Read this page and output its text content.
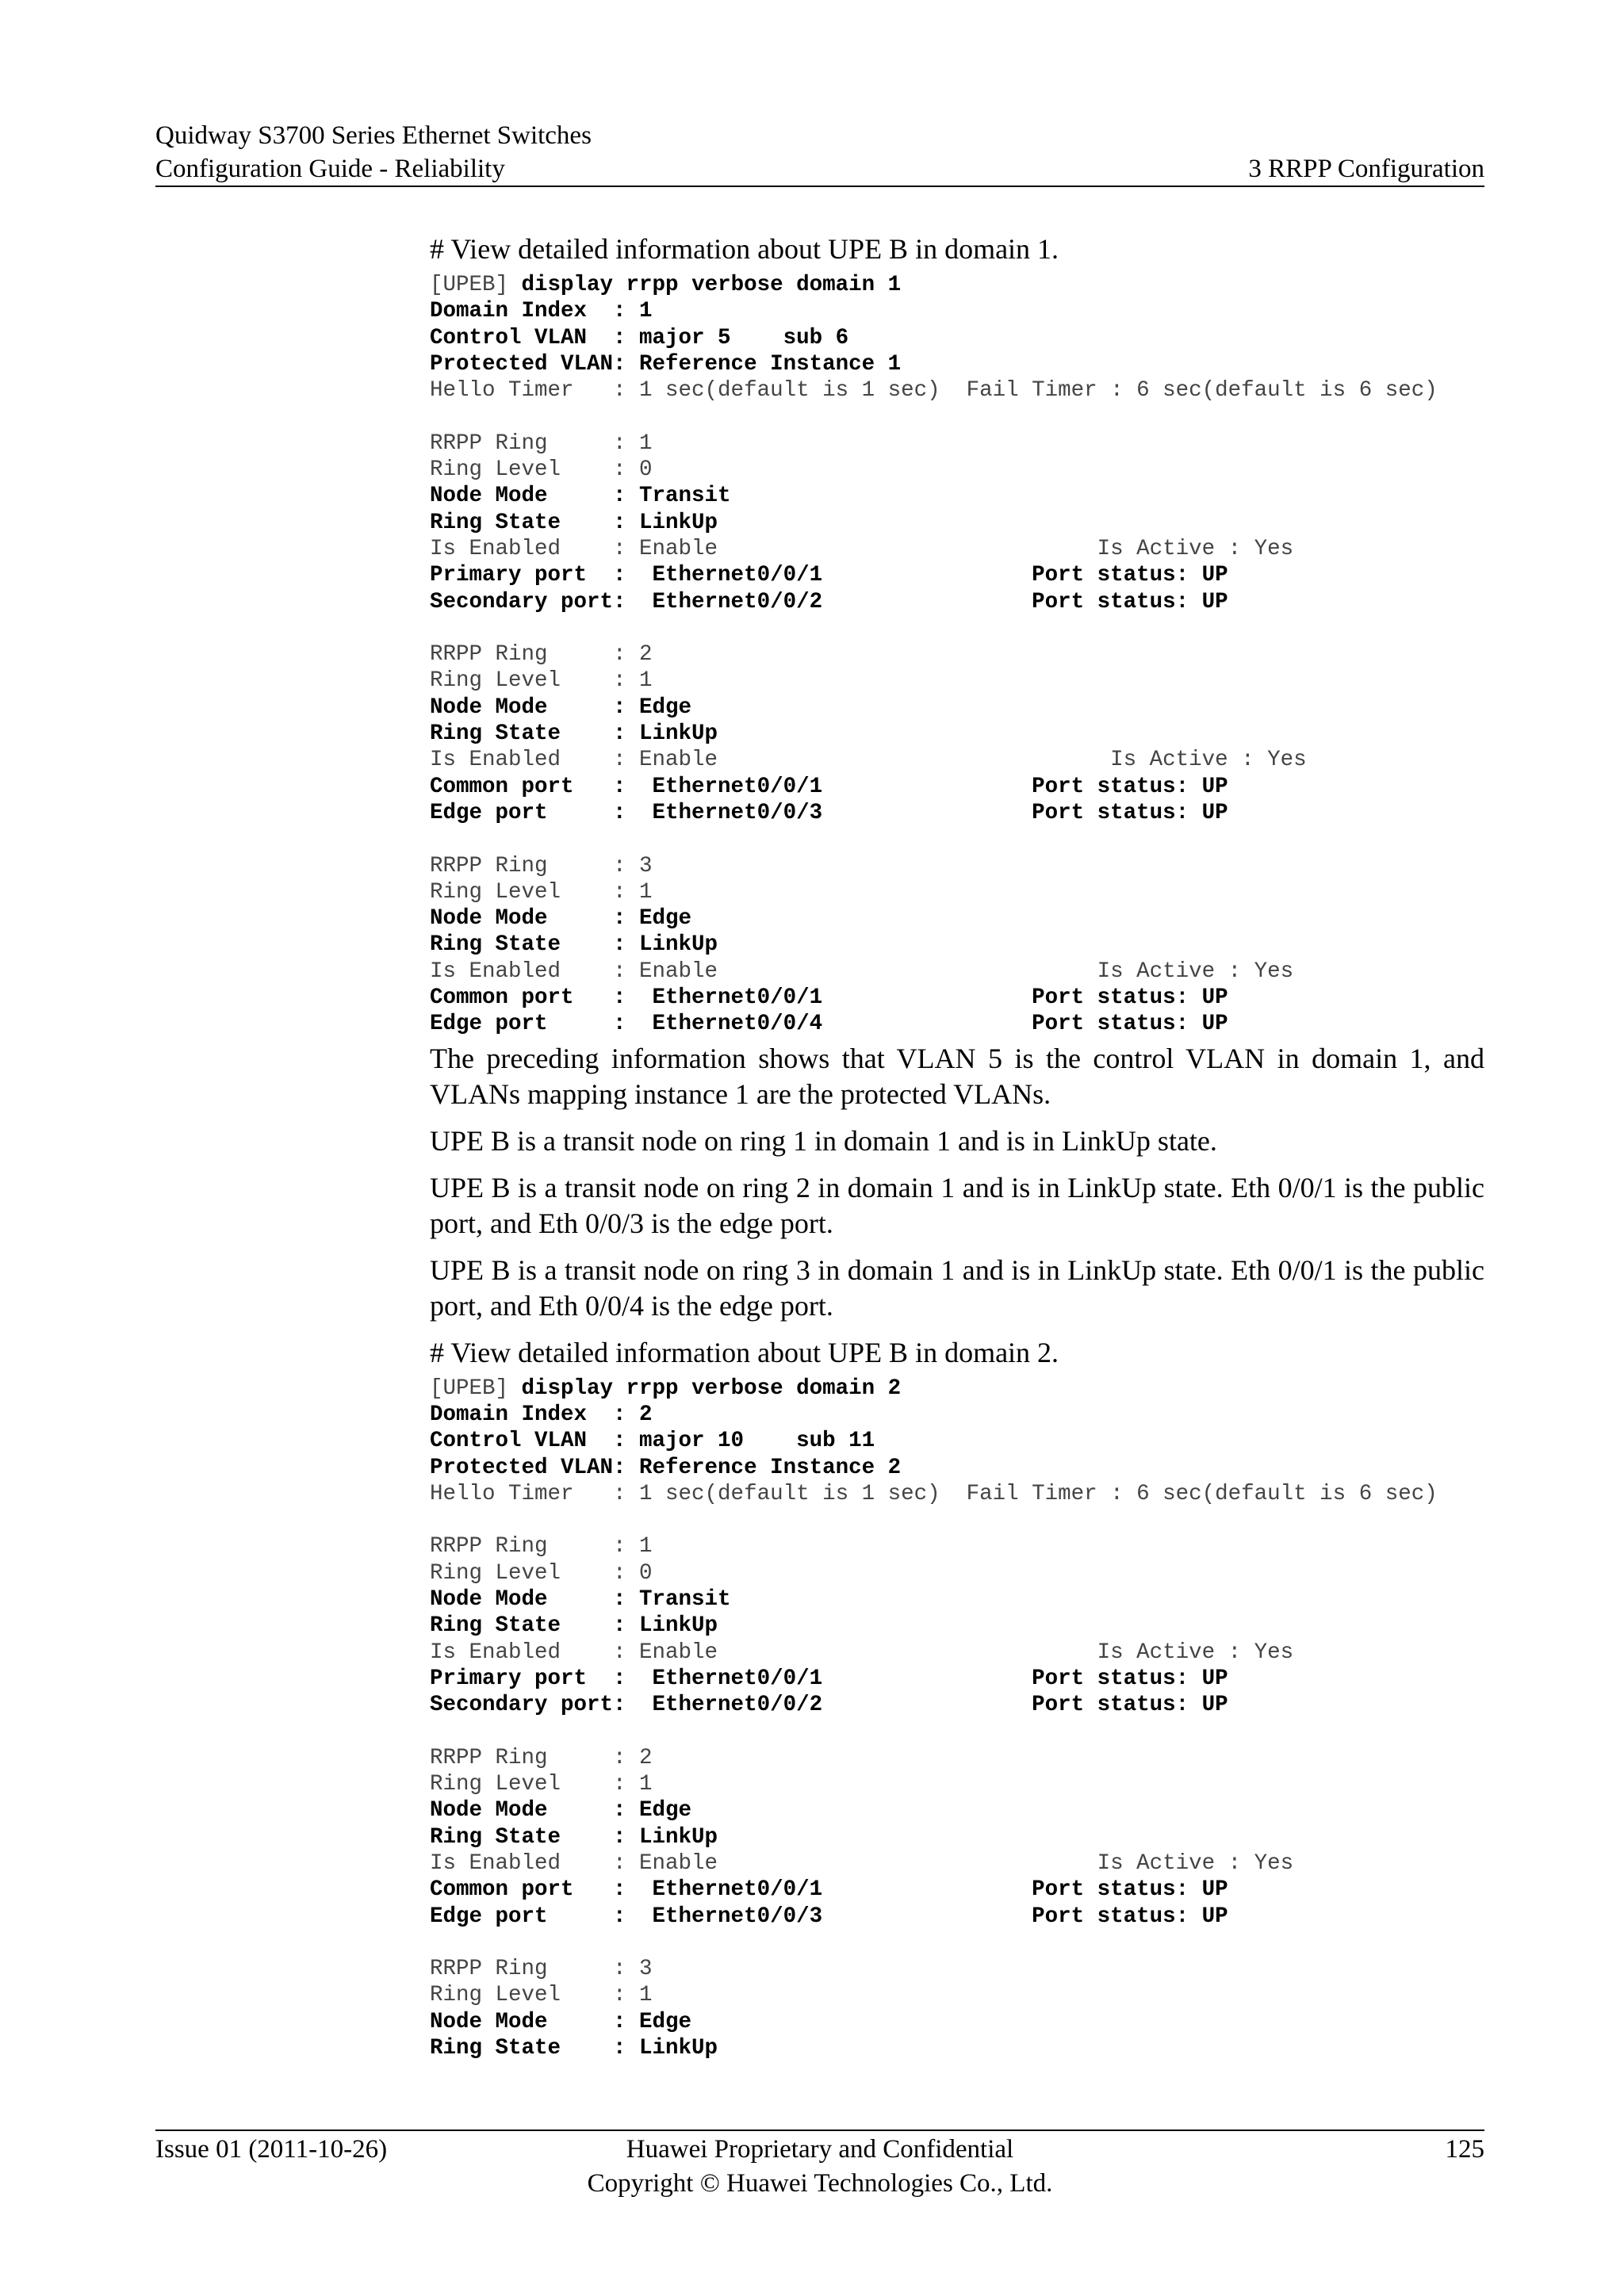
Quidway S3700 Series Ethernet Switches
Configuration Guide - Reliability	3 RRPP Configuration

# View detailed information about UPE B in domain 1.

[UPEB] display rrpp verbose domain 1
Domain Index  : 1
Control VLAN  : major 5    sub 6
Protected VLAN: Reference Instance 1
Hello Timer   : 1 sec(default is 1 sec)  Fail Timer : 6 sec(default is 6 sec)
RRPP Ring     : 1
Ring Level    : 0
Node Mode     : Transit
Ring State    : LinkUp
Is Enabled    : Enable                             Is Active : Yes
Primary port  :  Ethernet0/0/1                Port status: UP
Secondary port:  Ethernet0/0/2                Port status: UP
RRPP Ring     : 2
Ring Level    : 1
Node Mode     : Edge
Ring State    : LinkUp
Is Enabled    : Enable                              Is Active : Yes
Common port   :  Ethernet0/0/1                Port status: UP
Edge port     :  Ethernet0/0/3                Port status: UP
RRPP Ring     : 3
Ring Level    : 1
Node Mode     : Edge
Ring State    : LinkUp
Is Enabled    : Enable                             Is Active : Yes
Common port   :  Ethernet0/0/1                Port status: UP
Edge port     :  Ethernet0/0/4                Port status: UP

The preceding information shows that VLAN 5 is the control VLAN in domain 1, and VLANs mapping instance 1 are the protected VLANs.

UPE B is a transit node on ring 1 in domain 1 and is in LinkUp state.

UPE B is a transit node on ring 2 in domain 1 and is in LinkUp state. Eth 0/0/1 is the public port, and Eth 0/0/3 is the edge port.

UPE B is a transit node on ring 3 in domain 1 and is in LinkUp state. Eth 0/0/1 is the public port, and Eth 0/0/4 is the edge port.

# View detailed information about UPE B in domain 2.

[UPEB] display rrpp verbose domain 2
Domain Index  : 2
Control VLAN  : major 10    sub 11
Protected VLAN: Reference Instance 2
Hello Timer   : 1 sec(default is 1 sec)  Fail Timer : 6 sec(default is 6 sec)
RRPP Ring     : 1
Ring Level    : 0
Node Mode     : Transit
Ring State    : LinkUp
Is Enabled    : Enable                             Is Active : Yes
Primary port  :  Ethernet0/0/1                Port status: UP
Secondary port:  Ethernet0/0/2                Port status: UP
RRPP Ring     : 2
Ring Level    : 1
Node Mode     : Edge
Ring State    : LinkUp
Is Enabled    : Enable                             Is Active : Yes
Common port   :  Ethernet0/0/1                Port status: UP
Edge port     :  Ethernet0/0/3                Port status: UP
RRPP Ring     : 3
Ring Level    : 1
Node Mode     : Edge
Ring State    : LinkUp
Issue 01 (2011-10-26)	Huawei Proprietary and Confidential
Copyright © Huawei Technologies Co., Ltd.
125
